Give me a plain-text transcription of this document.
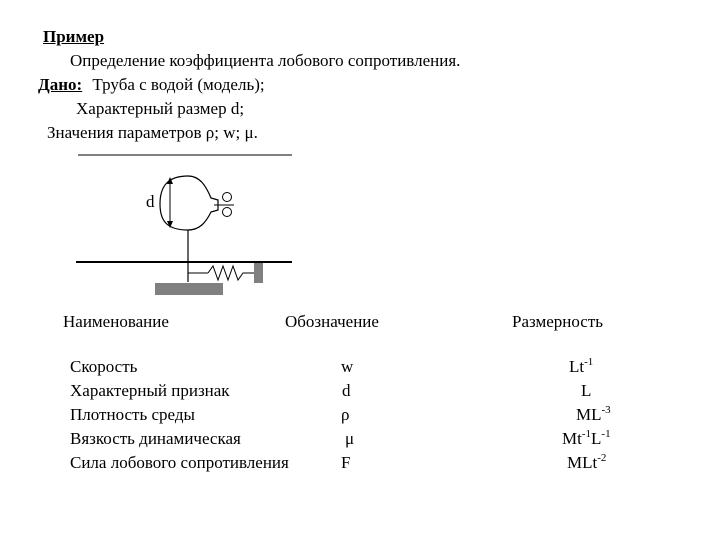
Пример
Определение коэффициента лобового сопротивления.
Дано: Труба с водой (модель);
Характерный размер d;
Значения параметров ρ; w; μ.
d
Наименование	Обозначение	Размерность
Скорость	w	$Lt^{-1}$
Характерный признак	d	L
Плотность среды	ρ	$ML^{-3}$
Вязкость динамическая	μ	$Mt^{-1}L^{-1}$
Сила лобового сопротивления	F	MLt$^{-2}$
